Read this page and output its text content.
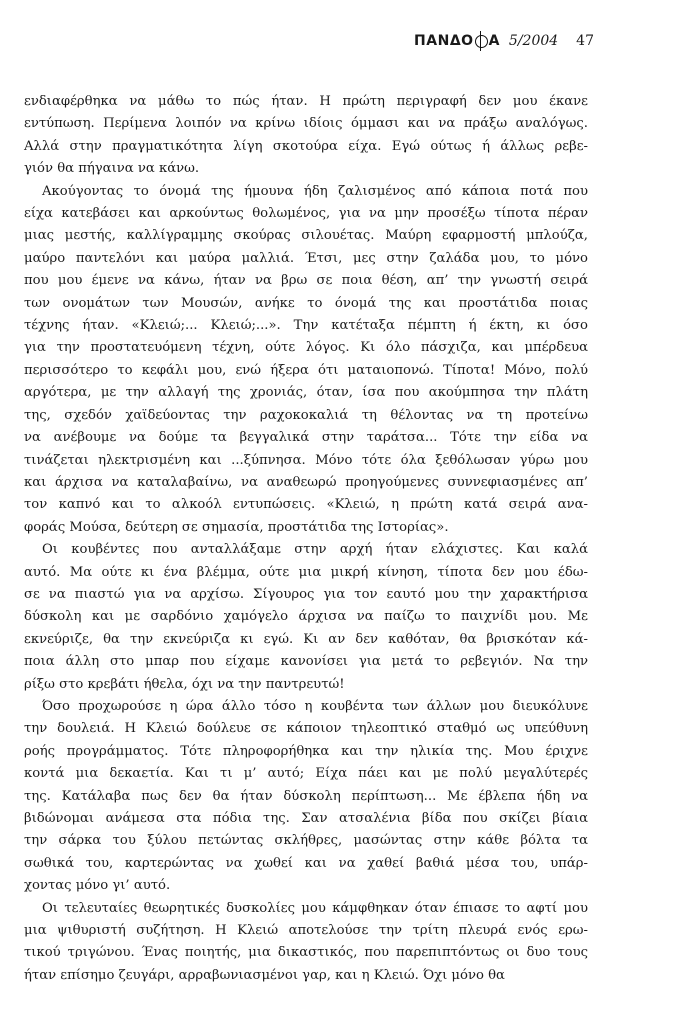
ΠΑΝΔΟ Α 5/2004 47
ενδιαφέρθηκα να μάθω το πώς ήταν. Η πρώτη περιγραφή δεν μου έκανε
εντύπωση. Περίμενα λοιπόν να κρίνω ιδίοις όμμασι και να πράξω αναλόγως.
Αλλά στην πραγματικότητα λίγη σκοτούρα είχα. Εγώ ούτως ή άλλως ρεβε-
γιόν θα πήγαινα να κάνω.
Ακούγοντας το όνομά της ήμουνα ήδη ζαλισμένος από κάποια ποτά που
είχα κατεβάσει και αρκούντως θολωμένος, για να μην προσέξω τίποτα πέραν
μιας μεστής, καλλίγραμμης σκούρας σιλουέτας. Μαύρη εφαρμοστή μπλούζα,
μαύρο παντελόνι και μαύρα μαλλιά. Έτσι, μες στην ζαλάδα μου, το μόνο
που μου έμενε να κάνω, ήταν να βρω σε ποια θέση, απ’ την γνωστή σειρά
των ονομάτων των Μουσών, ανήκε το όνομά της και προστάτιδα ποιας
τέχνης ήταν. «Κλειώ;... Κλειώ;...». Την κατέταξα πέμπτη ή έκτη, κι όσο
για την προστατευόμενη τέχνη, ούτε λόγος. Κι όλο πάσχιζα, και μπέρδευα
περισσότερο το κεφάλι μου, ενώ ήξερα ότι ματαιοπονώ. Τίποτα! Μόνο, πολύ
αργότερα, με την αλλαγή της χρονιάς, όταν, ίσα που ακούμπησα την πλάτη
της, σχεδόν χαϊδεύοντας την ραχοκοκαλιά τη θέλοντας να τη προτείνω
να ανέβουμε να δούμε τα βεγγαλικά στην ταράτσα... Τότε την είδα να
τινάζεται ηλεκτρισμένη και ...ξύπνησα. Μόνο τότε όλα ξεθόλωσαν γύρω μου
και άρχισα να καταλαβαίνω, να αναθεωρώ προηγούμενες συννεφιασμένες απ’
τον καπνό και το αλκοόλ εντυπώσεις. «Κλειώ, η πρώτη κατά σειρά ανα-
φοράς Μούσα, δεύτερη σε σημασία, προστάτιδα της Ιστορίας».
Οι κουβέντες που ανταλλάξαμε στην αρχή ήταν ελάχιστες. Και καλά
αυτό. Μα ούτε κι ένα βλέμμα, ούτε μια μικρή κίνηση, τίποτα δεν μου έδω-
σε να πιαστώ για να αρχίσω. Σίγουρος για τον εαυτό μου την χαρακτήρισα
δύσκολη και με σαρδόνιο χαμόγελο άρχισα να παίζω το παιχνίδι μου. Με
εκνεύριζε, θα την εκνεύριζα κι εγώ. Κι αν δεν καθόταν, θα βρισκόταν κά-
ποια άλλη στο μπαρ που είχαμε κανονίσει για μετά το ρεβεγιόν. Να την
ρίξω στο κρεβάτι ήθελα, όχι να την παντρευτώ!
Όσο προχωρούσε η ώρα άλλο τόσο η κουβέντα των άλλων μου διευκόλυνε
την δουλειά. Η Κλειώ δούλευε σε κάποιον τηλεοπτικό σταθμό ως υπεύθυνη
ροής προγράμματος. Τότε πληροφορήθηκα και την ηλικία της. Μου έριχνε
κοντά μια δεκαετία. Και τι μ’ αυτό; Είχα πάει και με πολύ μεγαλύτερές
της. Κατάλαβα πως δεν θα ήταν δύσκολη περίπτωση... Με έβλεπα ήδη να
βιδώνομαι ανάμεσα στα πόδια της. Σαν ατσαλένια βίδα που σκίζει βίαια
την σάρκα του ξύλου πετώντας σκλήθρες, μασώντας στην κάθε βόλτα τα
σωθικά του, καρτερώντας να χωθεί και να χαθεί βαθιά μέσα του, υπάρ-
χοντας μόνο γι’ αυτό.
Οι τελευταίες θεωρητικές δυσκολίες μου κάμφθηκαν όταν έπιασε το αφτί μου
μια ψιθυριστή συζήτηση. Η Κλειώ αποτελούσε την τρίτη πλευρά ενός ερω-
τικού τριγώνου. Ένας ποιητής, μια δικαστικός, που παρεπιπτόντως οι δυο τους
ήταν επίσημο ζευγάρι, αρραβωνιασμένοι γαρ, και η Κλειώ. Όχι μόνο θα
